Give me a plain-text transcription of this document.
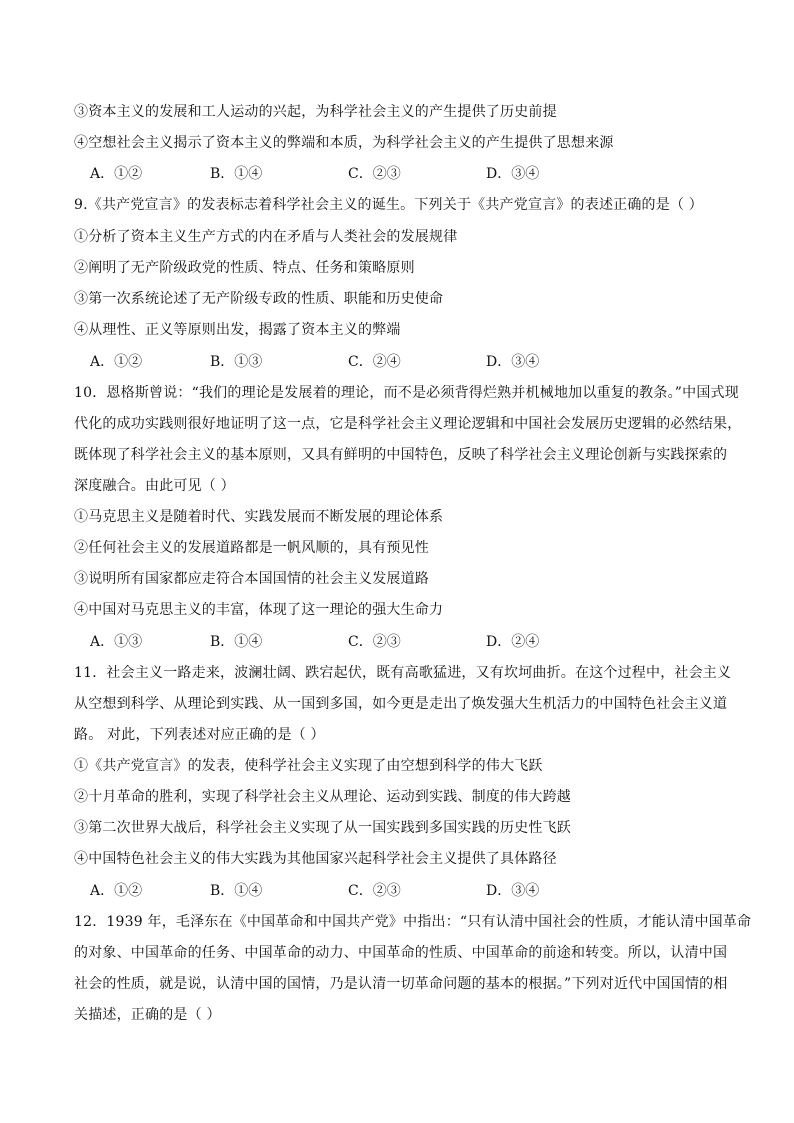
③资本主义的发展和工人运动的兴起，为科学社会主义的产生提供了历史前提
④空想社会主义揭示了资本主义的弊端和本质，为科学社会主义的产生提供了思想来源
A．①②	B．①④	C．②③	D．③④
9.《共产党宣言》的发表标志着科学社会主义的诞生。下列关于《共产党宣言》的表述正确的是（ ）
①分析了资本主义生产方式的内在矛盾与人类社会的发展规律
②阐明了无产阶级政党的性质、特点、任务和策略原则
③第一次系统论述了无产阶级专政的性质、职能和历史使命
④从理性、正义等原则出发，揭露了资本主义的弊端
A．①②	B．①③	C．②④	D．③④
10．恩格斯曾说：“我们的理论是发展着的理论，而不是必须背得烂熟并机械地加以重复的教条。”中国式现
代化的成功实践则很好地证明了这一点，它是科学社会主义理论逻辑和中国社会发展历史逻辑的必然结果，
既体现了科学社会主义的基本原则，又具有鲜明的中国特色，反映了科学社会主义理论创新与实践探索的
深度融合。由此可见（ ）
①马克思主义是随着时代、实践发展而不断发展的理论体系
②任何社会主义的发展道路都是一帆风顺的，具有预见性
③说明所有国家都应走符合本国国情的社会主义发展道路
④中国对马克思主义的丰富，体现了这一理论的强大生命力
A．①③	B．①④	C．②③	D．②④
11．社会主义一路走来，波澜壮阔、跌宕起伏，既有高歌猛进，又有坎坷曲折。在这个过程中，社会主义
从空想到科学、从理论到实践、从一国到多国，如今更是走出了焕发强大生机活力的中国特色社会主义道
路。 对此，下列表述对应正确的是（ ）
①《共产党宣言》的发表，使科学社会主义实现了由空想到科学的伟大飞跃
②十月革命的胜利，实现了科学社会主义从理论、运动到实践、制度的伟大跨越
③第二次世界大战后，科学社会主义实现了从一国实践到多国实践的历史性飞跃
④中国特色社会主义的伟大实践为其他国家兴起科学社会主义提供了具体路径
A．①②	B．①④	C．②③	D．③④
12．1939 年，毛泽东在《中国革命和中国共产党》中指出：“只有认清中国社会的性质，才能认清中国革命
的对象、中国革命的任务、中国革命的动力、中国革命的性质、中国革命的前途和转变。所以，认清中国
社会的性质，就是说，认清中国的国情，乃是认清一切革命问题的基本的根据。”下列对近代中国国情的相
关描述，正确的是（ ）
